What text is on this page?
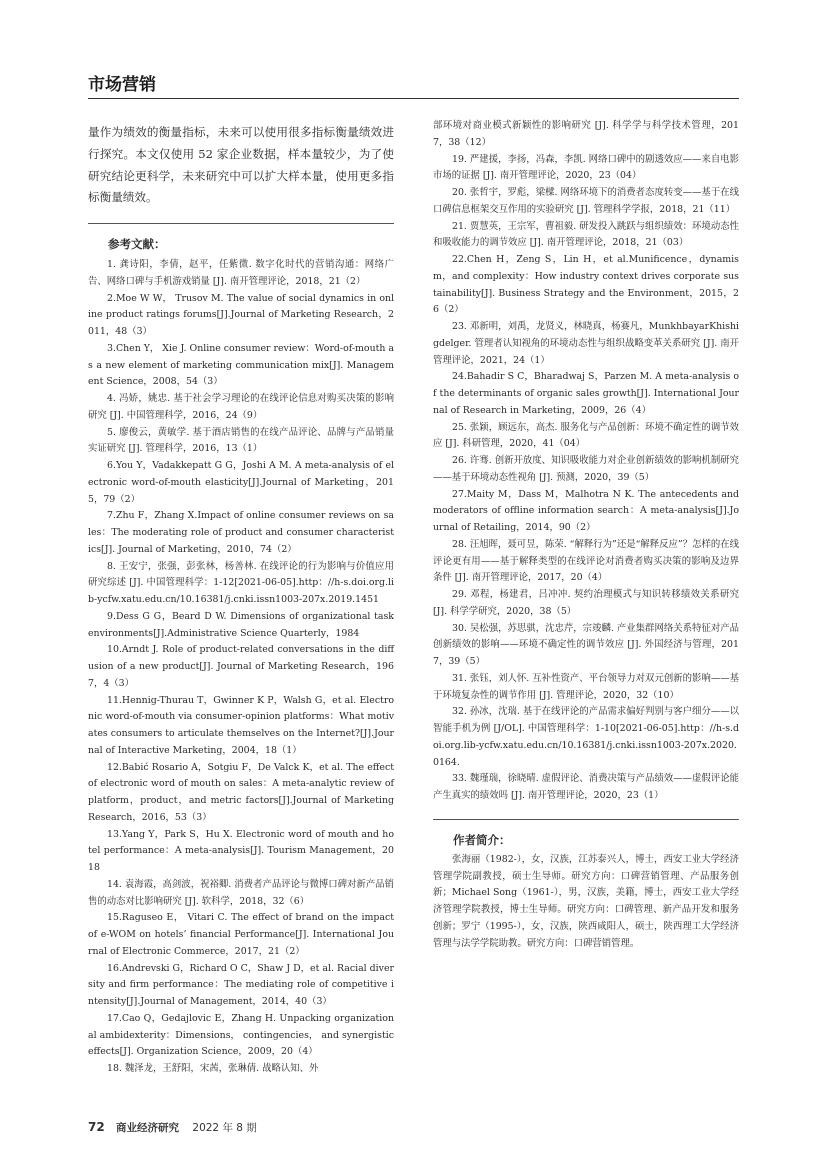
市场营销

量作为绩效的衡量指标，未来可以使用很多指标衡量绩效进行探究。本文仅使用 52 家企业数据，样本量较少，为了使研究结论更科学，未来研究中可以扩大样本量，使用更多指标衡量绩效。

参考文献：
1. 龚诗阳，李倩，赵平，任紫微. 数字化时代的营销沟通：网络广告、网络口碑与手机游戏销量 [J]. 南开管理评论，2018，21（2）
2.Moe W W， Trusov M. The value of social dynamics in online product ratings forums[J].Journal of Marketing Research，2011，48（3）
3.Chen Y， Xie J. Online consumer review：Word-of-mouth as a new element of marketing communication mix[J]. Management Science，2008，54（3）
4. 冯娇，姚忠. 基于社会学习理论的在线评论信息对购买决策的影响研究 [J]. 中国管理科学，2016，24（9）
5. 廖俊云，黄敏学. 基于酒店销售的在线产品评论、品牌与产品销量实证研究 [J]. 管理科学，2016，13（1）
6.You Y，Vadakkepatt G G，Joshi A M. A meta-analysis of electronic word-of-mouth elasticity[J].Journal of Marketing，2015，79（2）
7.Zhu F，Zhang X.Impact of online consumer reviews on sales：The moderating role of product and consumer characteristics[J]. Journal of Marketing，2010，74（2）
8. 王安宁，张强，彭张林，杨善林. 在线评论的行为影响与价值应用研究综述 [J]. 中国管理科学：1-12[2021-06-05].http：//h-s.doi.org.lib-ycfw.xatu.edu.cn/10.16381/j.cnki.issn1003-207x.2019.1451
9.Dess G G，Beard D W. Dimensions of organizational task environments[J].Administrative Science Quarterly，1984
10.Arndt J. Role of product-related conversations in the diffusion of a new product[J]. Journal of Marketing Research，1967，4（3）
11.Hennig-Thurau T，Gwinner K P，Walsh G，et al. Electronic word-of-mouth via consumer-opinion platforms：What motivates consumers to articulate themselves on the Internet?[J].Journal of Interactive Marketing，2004，18（1）
12.Babić Rosario A，Sotgiu F，De Valck K，et al. The effect of electronic word of mouth on sales：A meta-analytic review of platform，product，and metric factors[J].Journal of Marketing Research，2016，53（3）
13.Yang Y，Park S，Hu X. Electronic word of mouth and hotel performance：A meta-analysis[J]. Tourism Management，2018
14. 袁海霞，高剑波，祝裕卿. 消费者产品评论与微博口碑对新产品销售的动态对比影响研究 [J]. 软科学，2018，32（6）
15.Raguseo E， Vitari C. The effect of brand on the impact of e-WOM on hotels’ financial Performance[J]. International Journal of Electronic Commerce，2017，21（2）
16.Andrevski G，Richard O C，Shaw J D，et al. Racial diversity and firm performance：The mediating role of competitive intensity[J].Journal of Management，2014，40（3）
17.Cao Q，Gedajlovic E，Zhang H. Unpacking organizational ambidexterity：Dimensions， contingencies， and synergistic effects[J]. Organization Science，2009，20（4）
18. 魏泽龙，王舒阳，宋茜，张琳倩. 战略认知、外
部环境对商业模式新颖性的影响研究 [J]. 科学学与科学技术管理，2017，38（12）
19. 严建援，李扬，冯森，李凯. 网络口碑中的剧透效应——来自电影市场的证据 [J]. 南开管理评论，2020，23（04）
20. 张哲宇，罗彪，梁樑. 网络环境下的消费者态度转变——基于在线口碑信息框架交互作用的实验研究 [J]. 管理科学学报，2018，21（11）
21. 贾慧英，王宗军，曹祖毅. 研发投入跳跃与组织绩效：环境动态性和吸收能力的调节效应 [J]. 南开管理评论，2018，21（03）
22.Chen H，Zeng S，Lin H，et al.Munificence，dynamism，and complexity：How industry context drives corporate sustainability[J]. Business Strategy and the Environment，2015，26（2）
23. 邓新明，刘禹，龙贤义，林晓真，杨赛凡，MunkhbayarKhishigdelger. 管理者认知视角的环境动态性与组织战略变革关系研究 [J]. 南开管理评论，2021，24（1）
24.Bahadir S C，Bharadwaj S，Parzen M. A meta-analysis of the determinants of organic sales growth[J]. International Journal of Research in Marketing，2009，26（4）
25. 张颖，顾远东，高杰. 服务化与产品创新：环境不确定性的调节效应 [J]. 科研管理，2020，41（04）
26. 许骞. 创新开放度、知识吸收能力对企业创新绩效的影响机制研究——基于环境动态性视角 [J]. 预测，2020，39（5）
27.Maity M，Dass M，Malhotra N K. The antecedents and moderators of offline information search：A meta-analysis[J].Journal of Retailing，2014，90（2）
28. 汪旭晖，聂可昱，陈荣. “解释行为”还是“解释反应”？怎样的在线评论更有用——基于解释类型的在线评论对消费者购买决策的影响及边界条件 [J]. 南开管理评论，2017，20（4）
29. 邓程，杨建君，吕冲冲. 契约治理模式与知识转移绩效关系研究 [J]. 科学学研究，2020，38（5）
30. 吴松强，苏思骐，沈忠芹，宗竣麟. 产业集群网络关系特征对产品创新绩效的影响——环境不确定性的调节效应 [J]. 外国经济与管理，2017，39（5）
31. 张钰，刘人怀. 互补性资产、平台领导力对双元创新的影响——基于环境复杂性的调节作用 [J]. 管理评论，2020，32（10）
32. 孙冰，沈瑞. 基于在线评论的产品需求偏好判别与客户细分——以智能手机为例 [J/OL]. 中国管理科学：1-10[2021-06-05].http：//h-s.doi.org.lib-ycfw.xatu.edu.cn/10.16381/j.cnki.issn1003-207x.2020.0164.
33. 魏瑾瑞，徐晓晴. 虚假评论、消费决策与产品绩效——虚假评论能产生真实的绩效吗 [J]. 南开管理评论，2020，23（1）
作者简介：

张海丽（1982-），女，汉族，江苏泰兴人，博士，西安工业大学经济管理学院副教授，硕士生导师。研究方向：口碑营销管理、产品服务创新；Michael Song（1961-），男，汉族，美籍，博士，西安工业大学经济管理学院教授，博士生导师。研究方向：口碑管理、新产品开发和服务创新；罗宁（1995-），女，汉族，陕西咸阳人，硕士，陕西理工大学经济管理与法学学院助教。研究方向：口碑营销管理。

72 商业经济研究 2022 年 8 期
